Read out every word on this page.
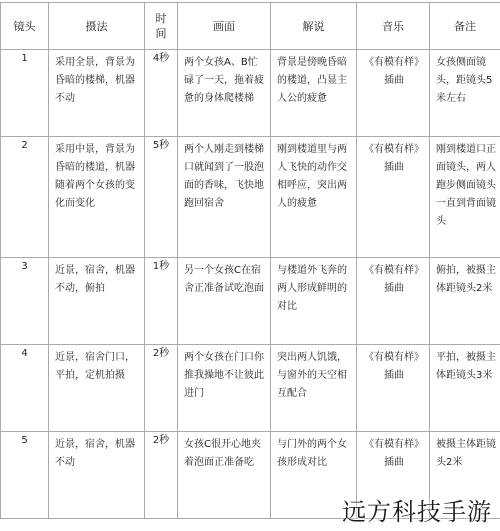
镜头	摄法	时间	画面	解说	音乐	备注
1	采用全景，背景为昏暗的楼梯，机器不动	4秒	两个女孩A、B忙碌了一天，拖着疲惫的身体爬楼梯	背景是傍晚昏暗的楼道，凸显主人公的疲惫	《有模有样》插曲	女孩侧面镜头，距镜头5米左右

2	采用中景，背景为昏暗的楼道，机器随着两个女孩的变化而变化	5秒	两个人刚走到楼梯口就闻到了一股泡面的香味，飞快地跑回宿舍	刚到楼道里与两人飞快的动作交相呼应，突出两人的疲惫	《有模有样》插曲	刚到楼道口正面镜头，两人跑步侧面镜头一直到背面镜头

3	近景，宿舍，机器不动，俯拍	1秒	另一个女孩C在宿舍正准备试吃泡面	与楼道外飞奔的两人形成鲜明的对比	《有模有样》插曲	俯拍，被摄主体距镜头2米

4	近景，宿舍门口，平拍，定机拍摄	2秒	两个女孩在门口你推我操地不让彼此进门	突出两人饥饿，与窗外的天空相互配合	《有模有样》插曲	平拍，被摄主体距镜头3米

5	近景，宿舍，机器不动	2秒	女孩C很开心地夹着泡面正准备吃	与门外的两个女孩形成对比	《有模有样》插曲	被摄主体距镜头2米
远方科技手游
